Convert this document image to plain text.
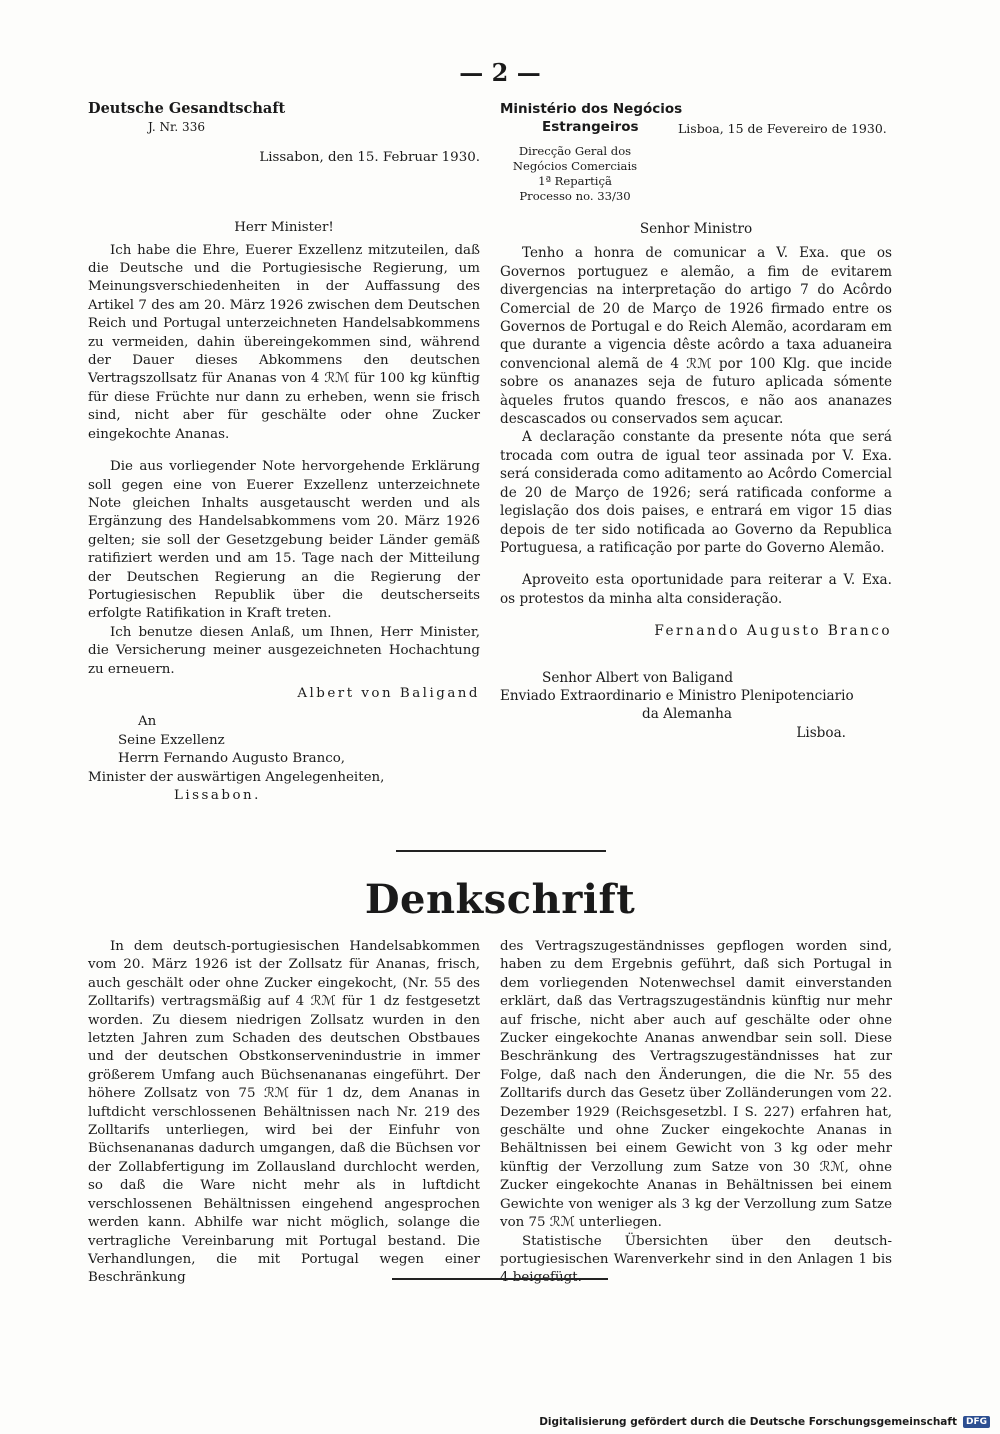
— 2 —
Deutsche Gesandtschaft
J. Nr. 336
Lissabon, den 15. Februar 1930.
Herr Minister!

Ich habe die Ehre, Euerer Exzellenz mitzuteilen, daß die Deutsche und die Portugiesische Regierung, um Meinungsverschiedenheiten in der Auffassung des Artikel 7 des am 20. März 1926 zwischen dem Deutschen Reich und Portugal unterzeichneten Handelsabkommens zu vermeiden, dahin übereingekommen sind, während der Dauer dieses Abkommens den deutschen Vertragszollsatz für Ananas von 4 ℛℳ für 100 kg künftig für diese Früchte nur dann zu erheben, wenn sie frisch sind, nicht aber für geschälte oder ohne Zucker eingekochte Ananas.

Die aus vorliegender Note hervorgehende Erklärung soll gegen eine von Euerer Exzellenz unterzeichnete Note gleichen Inhalts ausgetauscht werden und als Ergänzung des Handelsabkommens vom 20. März 1926 gelten; sie soll der Gesetzgebung beider Länder gemäß ratifiziert werden und am 15. Tage nach der Mitteilung der Deutschen Regierung an die Regierung der Portugiesischen Republik über die deutscherseits erfolgte Ratifikation in Kraft treten.

Ich benutze diesen Anlaß, um Ihnen, Herr Minister, die Versicherung meiner ausgezeichneten Hochachtung zu erneuern.

Albert von Baligand
An
Seine Exzellenz
Herrn Fernando Augusto Branco,
Minister der auswärtigen Angelegenheiten,
Lissabon.
Ministério dos Negócios
Estrangeiros	Lisboa, 15 de Fevereiro de 1930.
Direcção Geral dos
Negócios Comerciais
1ª Repartiçã
Processo no. 33/30
Senhor Ministro

Tenho a honra de comunicar a V. Exa. que os Governos portuguez e alemão, a fim de evitarem divergencias na interpretação do artigo 7 do Acôrdo Comercial de 20 de Março de 1926 firmado entre os Governos de Portugal e do Reich Alemão, acordaram em que durante a vigencia dêste acôrdo a taxa aduaneira convencional alemã de 4 ℛℳ por 100 Klg. que incide sobre os ananazes seja de futuro aplicada sómente àqueles frutos quando frescos, e não aos ananazes descascados ou conservados sem açucar.

A declaração constante da presente nóta que será trocada com outra de igual teor assinada por V. Exa. será considerada como aditamento ao Acôrdo Comercial de 20 de Março de 1926; será ratificada conforme a legislação dos dois paises, e entrará em vigor 15 dias depois de ter sido notificada ao Governo da Republica Portuguesa, a ratificação por parte do Governo Alemão.

Aproveito esta oportunidade para reiterar a V. Exa. os protestos da minha alta consideração.

Fernando Augusto Branco
Senhor Albert von Baligand
Enviado Extraordinario e Ministro Plenipotenciario
da Alemanha
Lisboa.
Denkschrift

In dem deutsch-portugiesischen Handelsabkommen vom 20. März 1926 ist der Zollsatz für Ananas, frisch, auch geschält oder ohne Zucker eingekocht, (Nr. 55 des Zolltarifs) vertragsmäßig auf 4 ℛℳ für 1 dz festgesetzt worden. Zu diesem niedrigen Zollsatz wurden in den letzten Jahren zum Schaden des deutschen Obstbaues und der deutschen Obstkonservenindustrie in immer größerem Umfang auch Büchsenananas eingeführt. Der höhere Zollsatz von 75 ℛℳ für 1 dz, dem Ananas in luftdicht verschlossenen Behältnissen nach Nr. 219 des Zolltarifs unterliegen, wird bei der Einfuhr von Büchsenananas dadurch umgangen, daß die Büchsen vor der Zollabfertigung im Zollausland durchlocht werden, so daß die Ware nicht mehr als in luftdicht verschlossenen Behältnissen eingehend angesprochen werden kann. Abhilfe war nicht möglich, solange die vertragliche Vereinbarung mit Portugal bestand. Die Verhandlungen, die mit Portugal wegen einer Beschränkung

des Vertragszugeständnisses gepflogen worden sind, haben zu dem Ergebnis geführt, daß sich Portugal in dem vorliegenden Notenwechsel damit einverstanden erklärt, daß das Vertragszugeständnis künftig nur mehr auf frische, nicht aber auch auf geschälte oder ohne Zucker eingekochte Ananas anwendbar sein soll. Diese Beschränkung des Vertragszugeständnisses hat zur Folge, daß nach den Änderungen, die die Nr. 55 des Zolltarifs durch das Gesetz über Zolländerungen vom 22. Dezember 1929 (Reichsgesetzbl. I S. 227) erfahren hat, geschälte und ohne Zucker eingekochte Ananas in Behältnissen bei einem Gewicht von 3 kg oder mehr künftig der Verzollung zum Satze von 30 ℛℳ, ohne Zucker eingekochte Ananas in Behältnissen bei einem Gewichte von weniger als 3 kg der Verzollung zum Satze von 75 ℛℳ unterliegen.

Statistische Übersichten über den deutsch-portugiesischen Warenverkehr sind in den Anlagen 1 bis

Digitalisierung gefördert durch die Deutsche Forschungsgemeinschaft	DFG
